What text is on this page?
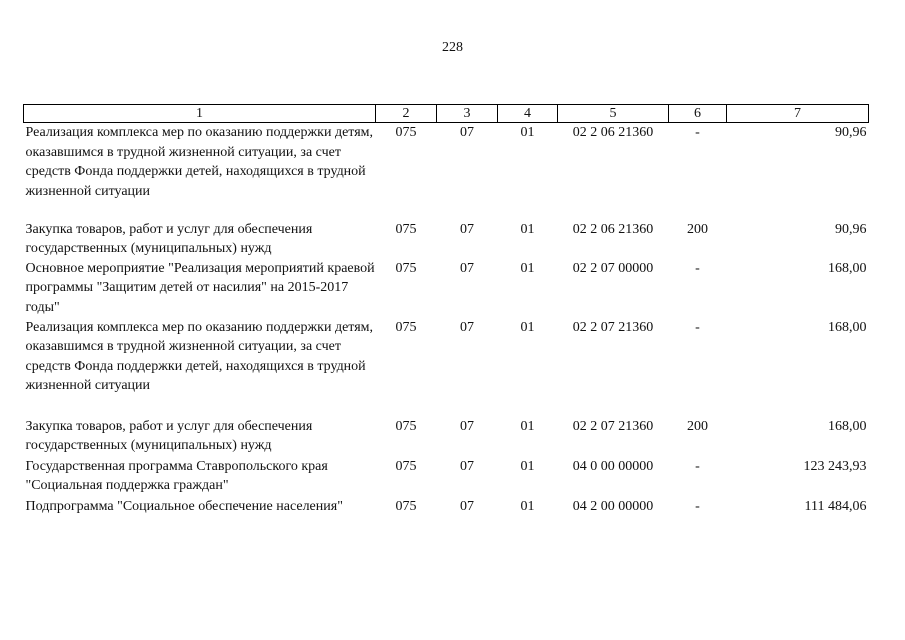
228
1	2	3	4	5	6	7
Реализация комплекса мер по оказанию поддержки детям, оказавшимся в трудной жизненной ситуации, за счет средств Фонда поддержки детей, находящихся в трудной жизненной ситуации	075	07	01	02 2 06 21360	-	90,96
Закупка товаров, работ и услуг для обеспечения государственных (муниципальных) нужд	075	07	01	02 2 06 21360	200	90,96
Основное мероприятие "Реализация мероприятий краевой программы "Защитим детей от насилия" на 2015-2017 годы"	075	07	01	02 2 07 00000	-	168,00
Реализация комплекса мер по оказанию поддержки детям, оказавшимся в трудной жизненной ситуации, за счет средств Фонда поддержки детей, находящихся в трудной жизненной ситуации	075	07	01	02 2 07 21360	-	168,00
Закупка товаров, работ и услуг для обеспечения государственных (муниципальных) нужд	075	07	01	02 2 07 21360	200	168,00
Государственная программа Ставропольского края "Социальная поддержка граждан"	075	07	01	04 0 00 00000	-	123 243,93
Подпрограмма "Социальное обеспечение населения"	075	07	01	04 2 00 00000	-	111 484,06
